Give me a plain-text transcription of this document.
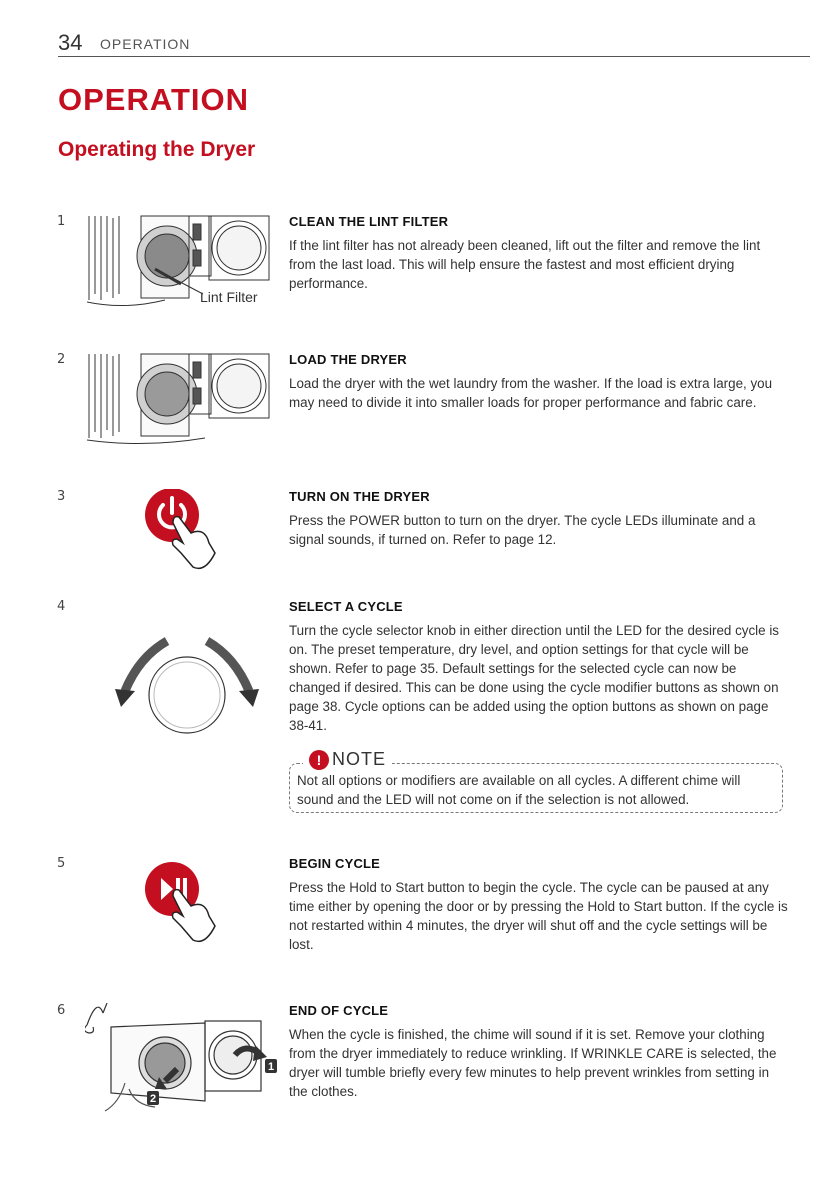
34 OPERATION
OPERATION
Operating the Dryer
1
Lint Filter

CLEAN THE LINT FILTER

If the lint filter has not already been cleaned, lift out the filter and remove the lint from the last load. This will help ensure the fastest and most efficient drying performance.

2	LOAD THE DRYER

Load the dryer with the wet laundry from the washer. If the load is extra large, you may need to divide it into smaller loads for proper performance and fabric care.

3	TURN ON THE DRYER

Press the POWER button to turn on the dryer. The cycle LEDs illuminate and a signal sounds, if turned on. Refer to page 12.

4	SELECT A CYCLE

Turn the cycle selector knob in either direction until the LED for the desired cycle is on. The preset temperature, dry level, and option settings for that cycle will be shown. Refer to page 35. Default settings for the selected cycle can now be changed if desired. This can be done using the cycle modifier buttons as shown on page 38. Cycle options can be added using the option buttons as shown on page 38-41.

! NOTE
Not all options or modifiers are available on all cycles. A different chime will sound and the LED will not come on if the selection is not allowed.
5	BEGIN CYCLE

Press the Hold to Start button to begin the cycle. The cycle can be paused at any time either by opening the door or by pressing the Hold to Start button. If the cycle is not restarted within 4 minutes, the dryer will shut off and the cycle settings will be lost.

6
1
2

END OF CYCLE

When the cycle is finished, the chime will sound if it is set. Remove your clothing from the dryer immediately to reduce wrinkling. If WRINKLE CARE is selected, the dryer will tumble briefly every few minutes to help prevent wrinkles from setting in the clothes.
